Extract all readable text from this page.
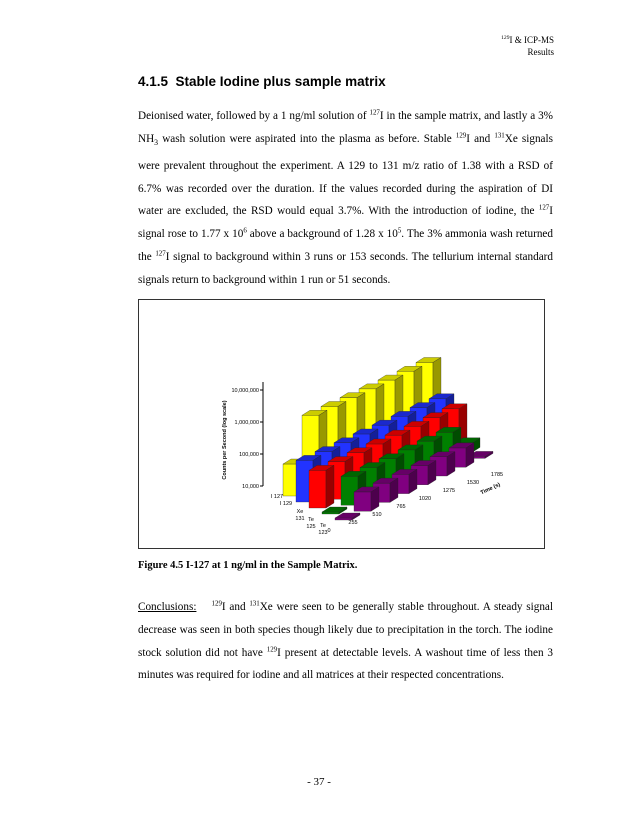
$^{129}$I & ICP-MS
Results
4.1.5 Stable Iodine plus sample matrix
Deionised water, followed by a 1 ng/ml solution of $^{127}$I in the sample matrix, and lastly a 3% $NH_3$ wash solution were aspirated into the plasma as before. Stable $^{129}$I and $^{131}$Xe signals were prevalent throughout the experiment. A 129 to 131 m/z ratio of 1.38 with a RSD of 6.7% was recorded over the duration. If the values recorded during the aspiration of DI water are excluded, the RSD would equal 3.7%. With the introduction of iodine, the $^{127}$I signal rose to 1.77 x $10^6$ above a background of 1.28 x $10^5$. The 3% ammonia wash returned the $^{127}$I signal to background within 3 runs or 153 seconds. The tellurium internal standard signals return to background within 1 run or 51 seconds.
10,000
100,000
1,000,000
10,000,000
Counts per Second (log scale)
I 127
I 129
Xe 131 Te 125 Te 123 0
255
510
765
1020
1275
1530
1785
Time (s)
Figure 4.5 I-127 at 1 ng/ml in the Sample Matrix.
Conclusions: $^{129}$I and $^{131}$Xe were seen to be generally stable throughout. A steady signal decrease was seen in both species though likely due to precipitation in the torch. The iodine stock solution did not have $^{129}$I present at detectable levels. A washout time of less then 3 minutes was required for iodine and all matrices at their respected concentrations.
- 37 -
